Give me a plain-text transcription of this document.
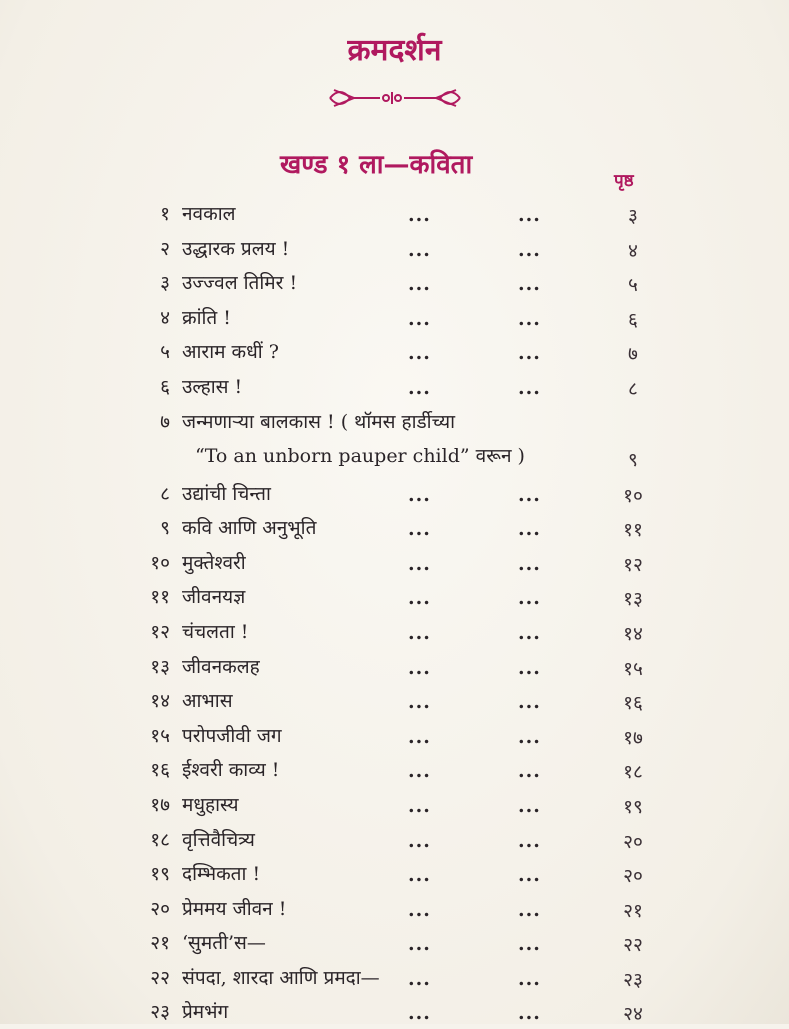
क्रमदर्शन
खण्ड १ ला—कविता
पृष्ठ
१ नवकाल	...	...	३
२ उद्धारक प्रलय !	...	...	४
३ उज्ज्वल तिमिर !	...	...	५
४ क्रांति !	...	...	६
५ आराम कधीं ?	...	...	७
६ उल्हास !	...	...	८
७ जन्मणाऱ्या बालकास ! ( थॉमस हार्डीच्या
“To an unborn pauper child” वरून )	९
८ उद्यांची चिन्ता	...	...	१०
९ कवि आणि अनुभूति	...	...	११
१० मुक्तेश्वरी	...	...	१२
११ जीवनयज्ञ	...	...	१३
१२ चंचलता !	...	...	१४
१३ जीवनकलह	...	...	१५
१४ आभास	...	...	१६
१५ परोपजीवी जग	...	...	१७
१६ ईश्वरी काव्य !	...	...	१८
१७ मधुहास्य	...	...	१९
१८ वृत्तिवैचित्र्य	...	...	२०
१९ दम्भिकता !	...	...	२०
२० प्रेममय जीवन !	...	...	२१
२१ ‘सुमती’स—	...	...	२२
२२ संपदा, शारदा आणि प्रमदा— ...	...	२३
२३ प्रेमभंग	...	...	२४
